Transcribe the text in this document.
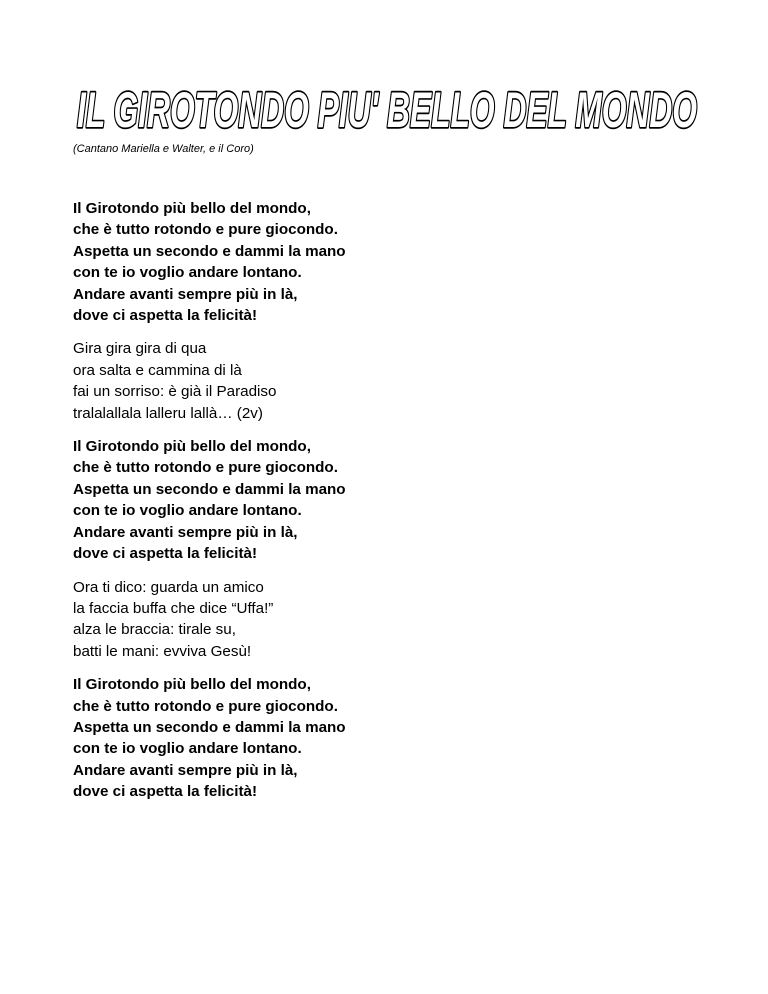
IL GIROTONDO PIU' BELLO DEL MONDO
(Cantano Mariella e Walter, e il Coro)
Il Girotondo più bello del mondo,
che è tutto rotondo e pure giocondo.
Aspetta un secondo e dammi la mano
con te io voglio andare lontano.
Andare avanti sempre più in là,
dove ci aspetta la felicità!
Gira gira gira di qua
ora salta e cammina di là
fai un sorriso: è già il Paradiso
tralalallala lalleru lallà… (2v)
Il Girotondo più bello del mondo,
che è tutto rotondo e pure giocondo.
Aspetta un secondo e dammi la mano
con te io voglio andare lontano.
Andare avanti sempre più in là,
dove ci aspetta la felicità!
Ora ti dico: guarda un amico
la faccia buffa che dice “Uffa!”
alza le braccia: tirale su,
batti le mani: evviva Gesù!
Il Girotondo più bello del mondo,
che è tutto rotondo e pure giocondo.
Aspetta un secondo e dammi la mano
con te io voglio andare lontano.
Andare avanti sempre più in là,
dove ci aspetta la felicità!
